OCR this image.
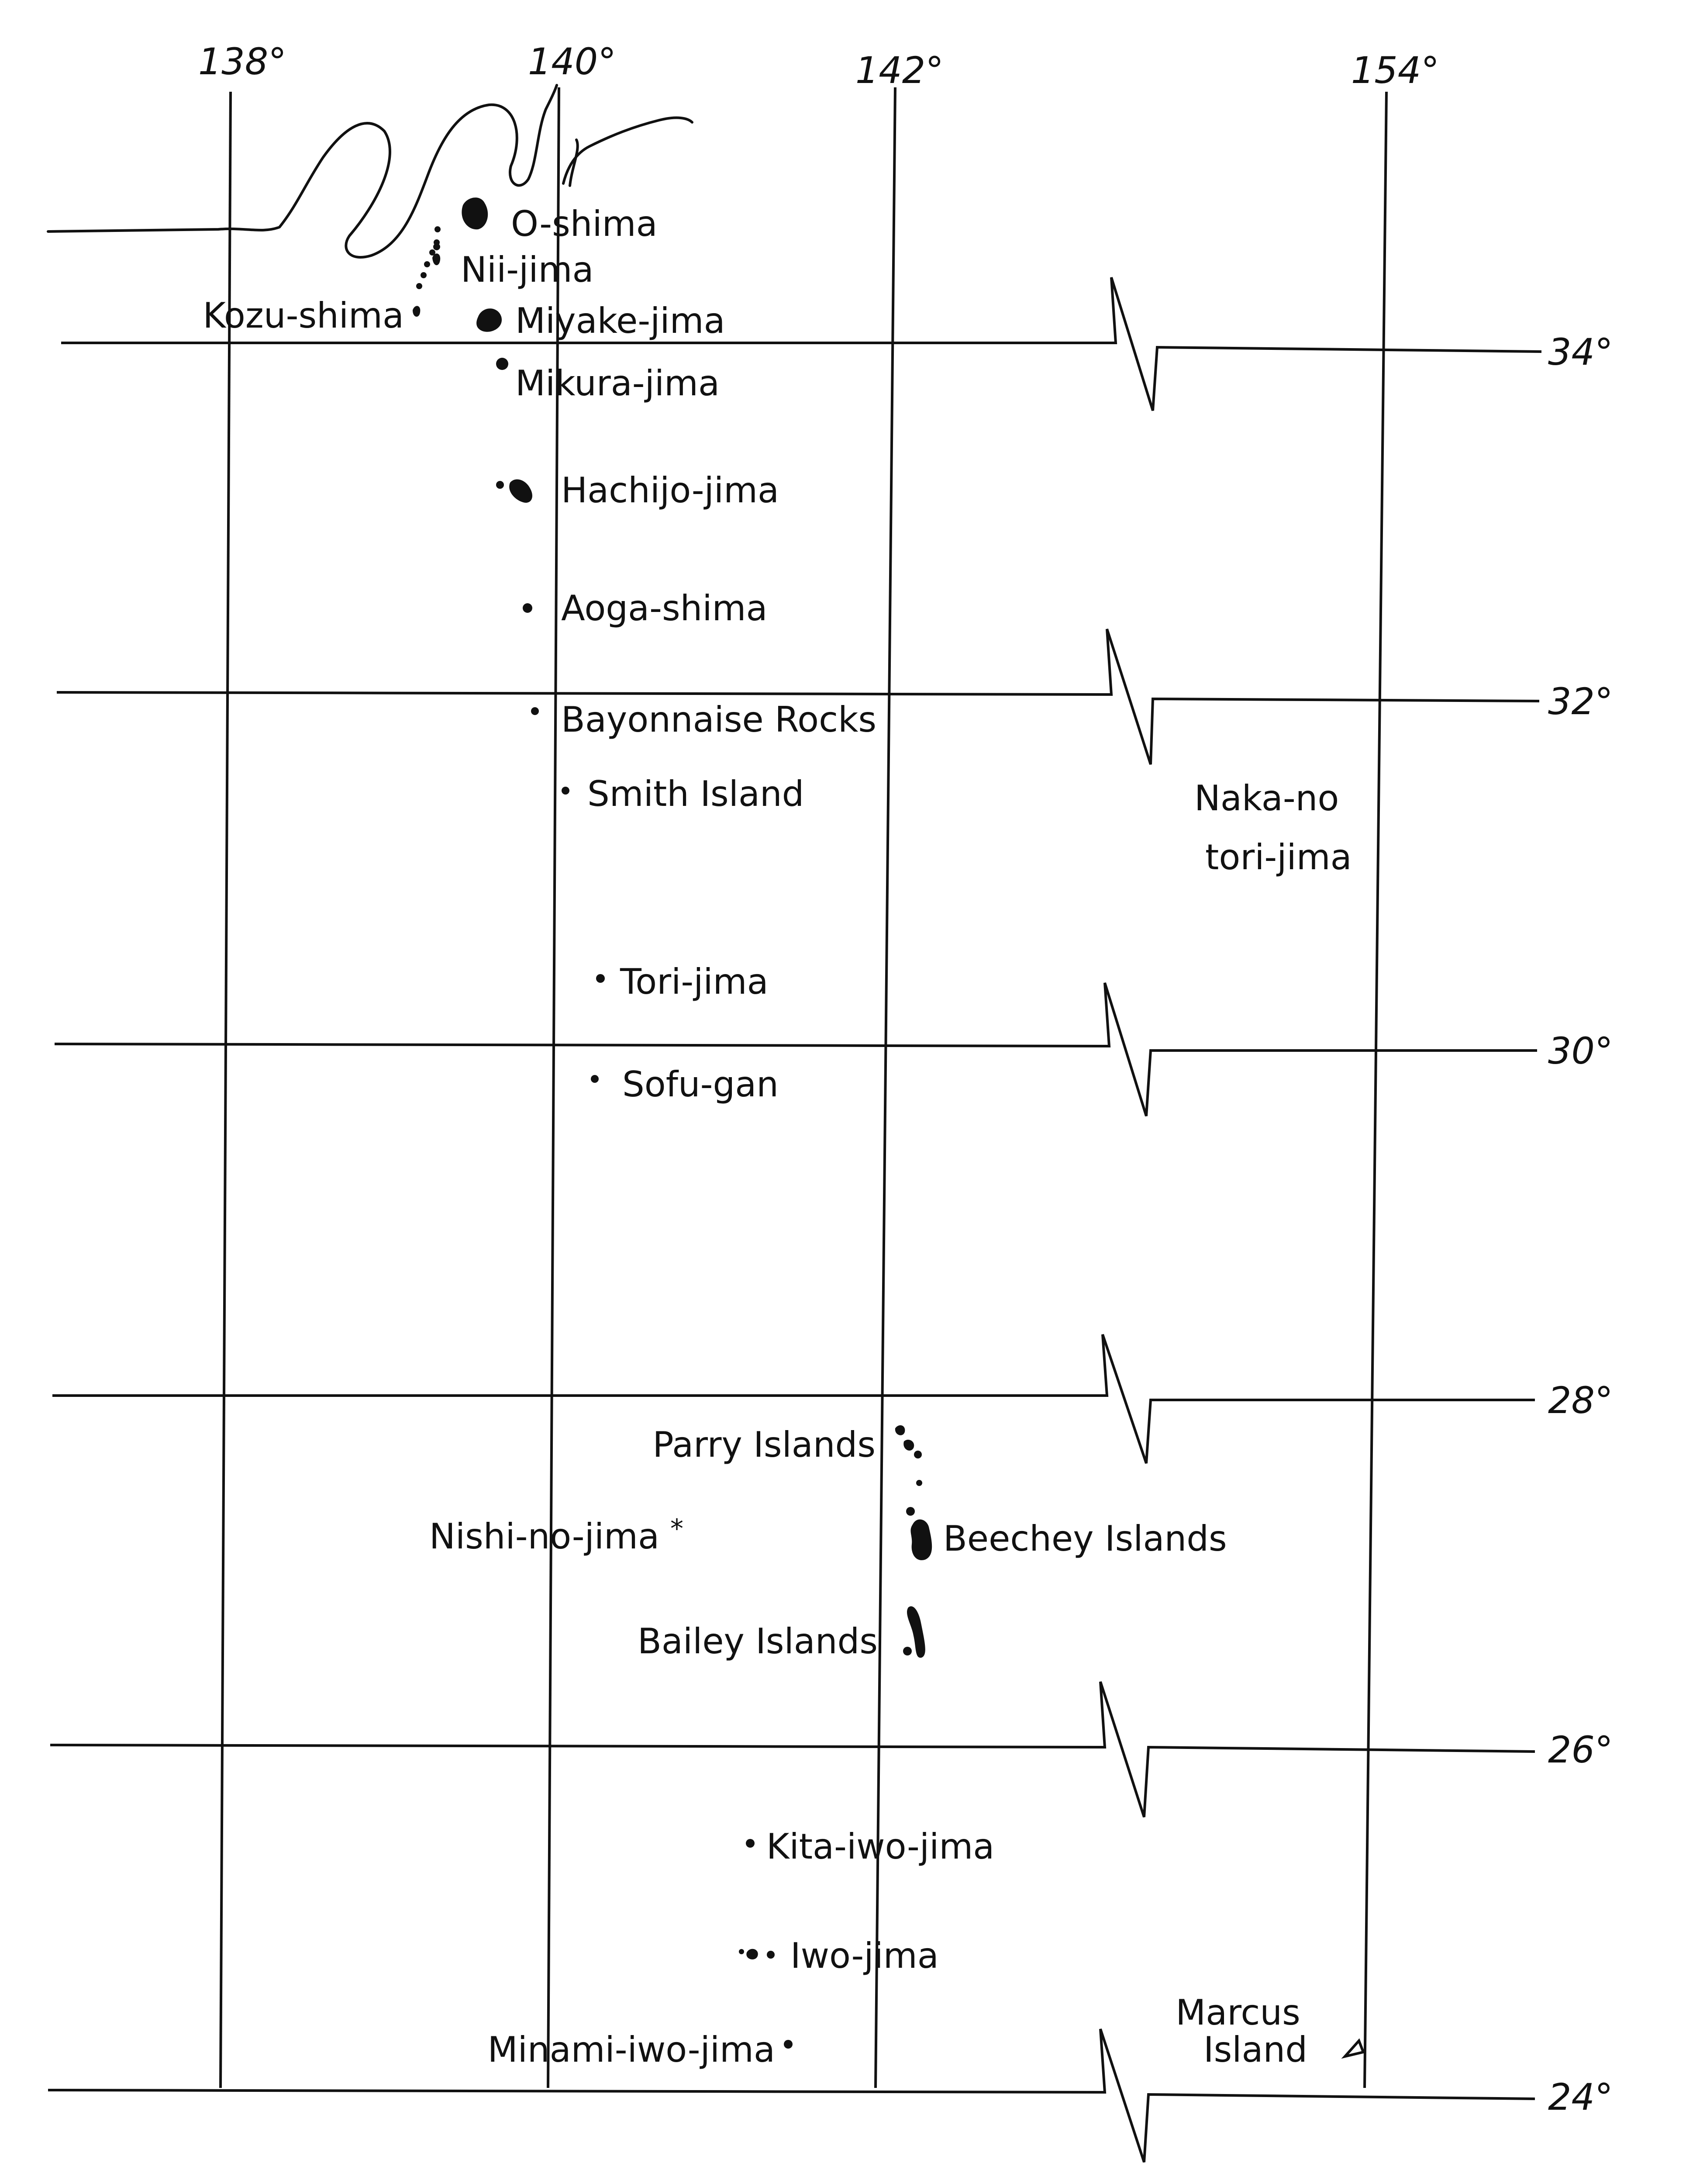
*
138°	140°	142°	154°
34°
32°
30°
28°
26°
24°
O-shima
Nii-jima
Kozu-shima	Miyake-jima
Mikura-jima
Hachijo-jima
Aoga-shima
Bayonnaise Rocks
Smith Island	Naka-no
tori-jima
Tori-jima
Sofu-gan
Parry Islands
Nishi-no-jima	Beechey Islands
Bailey Islands
Kita-iwo-jima
Iwo-jima
Minami-iwo-jima
Marcus
Island
